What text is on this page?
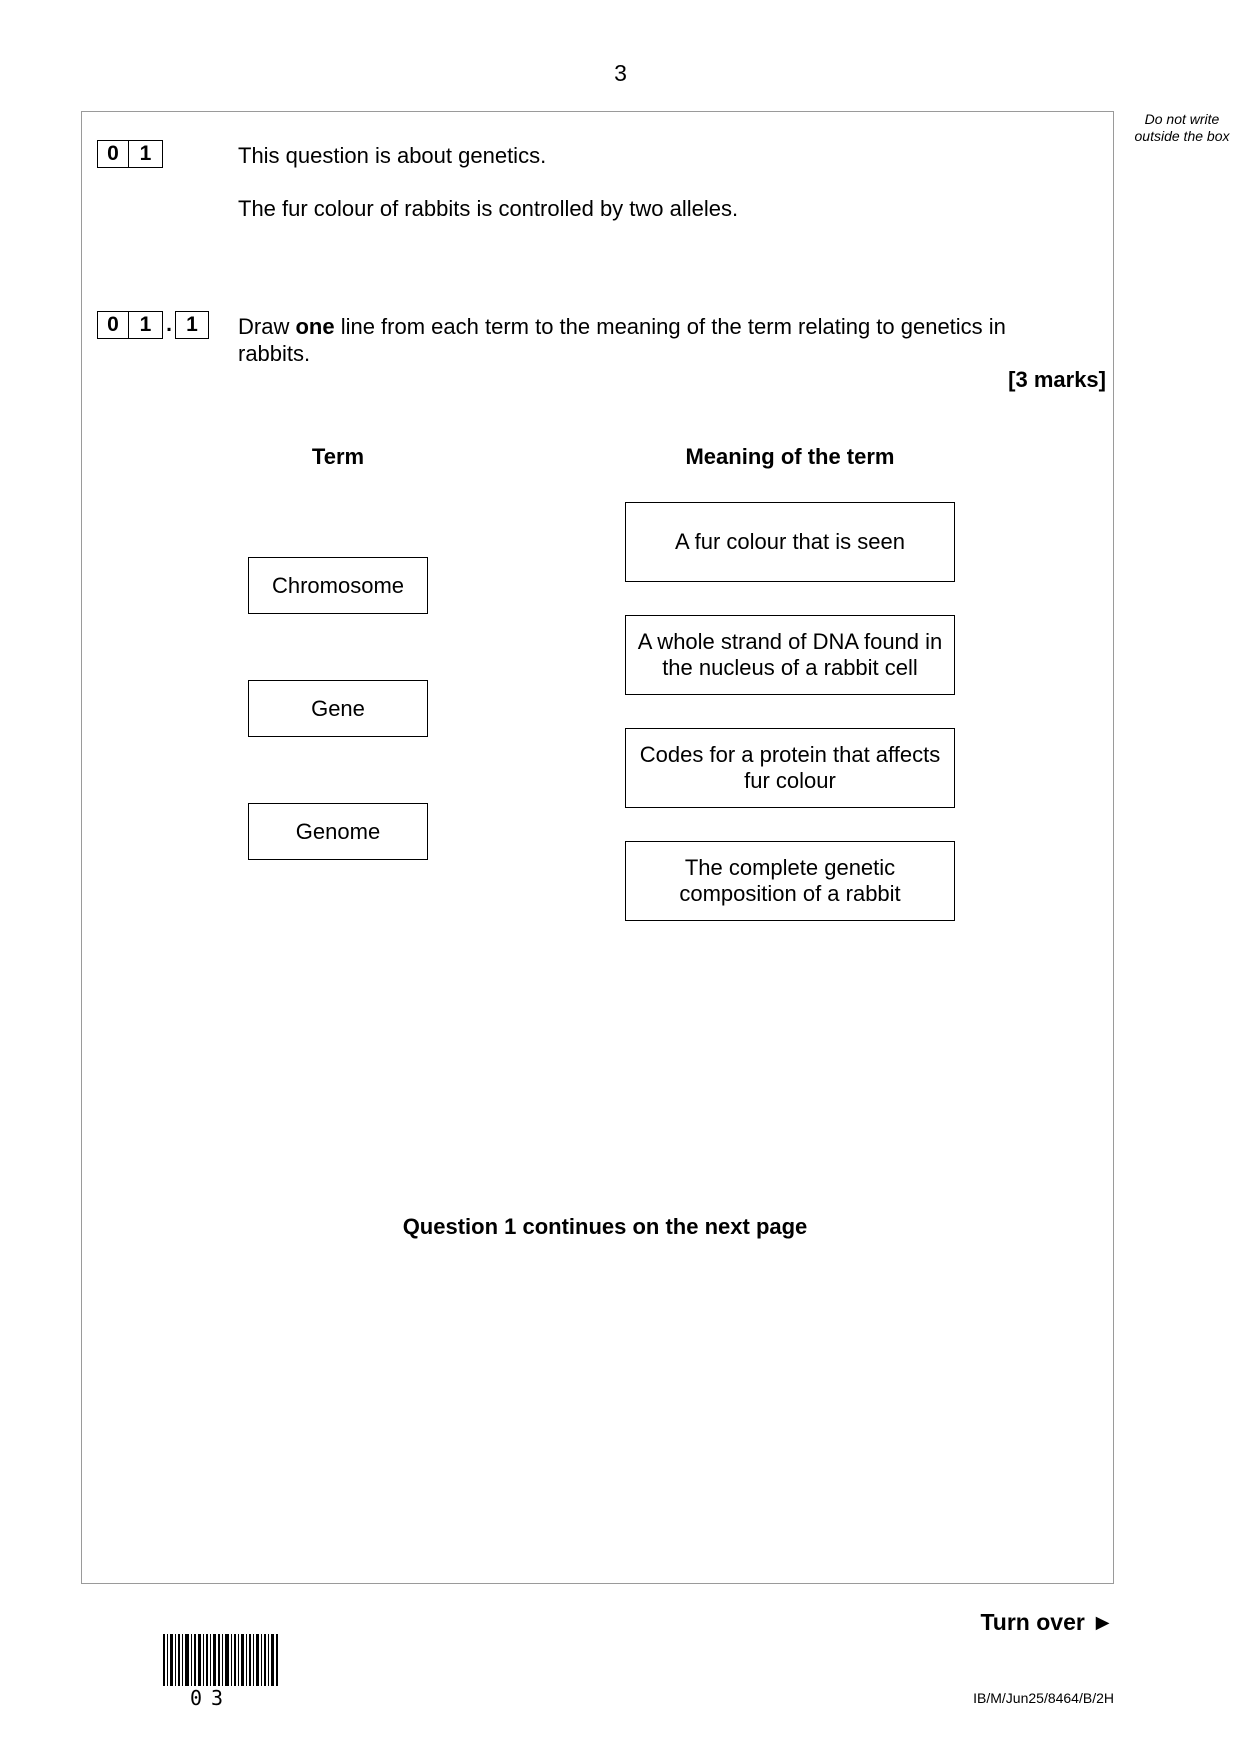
3
Do not write outside the box
0 1	This question is about genetics.
The fur colour of rabbits is controlled by two alleles.
0 1 . 1	Draw one line from each term to the meaning of the term relating to genetics in rabbits.
[3 marks]
Term	Meaning of the term
Chromosome
Gene
Genome
A fur colour that is seen
A whole strand of DNA found in the nucleus of a rabbit cell
Codes for a protein that affects fur colour
The complete genetic composition of a rabbit
Question 1 continues on the next page
Turn over ►
03	IB/M/Jun25/8464/B/2H
